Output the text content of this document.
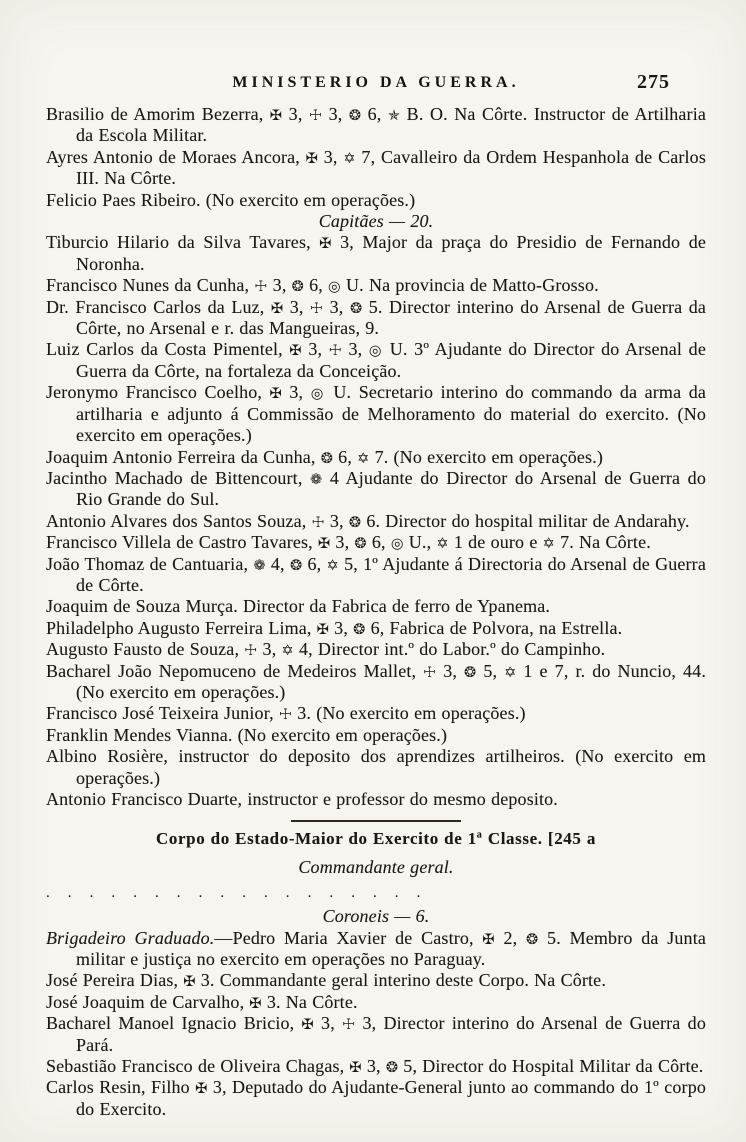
MINISTERIO DA GUERRA.	275

Brasilio de Amorim Bezerra, ✠ 3, ☩ 3, ❂ 6, ✯ B. O. Na Côrte. Instructor de Artilharia da Escola Militar.

Ayres Antonio de Moraes Ancora, ✠ 3, ✡ 7, Cavalleiro da Ordem Hespanhola de Carlos III. Na Côrte.

Felicio Paes Ribeiro. (No exercito em operações.)

Capitães — 20.

Tiburcio Hilario da Silva Tavares, ✠ 3, Major da praça do Presidio de Fernando de Noronha.

Francisco Nunes da Cunha, ☩ 3, ❂ 6, ◎ U. Na provincia de Matto-Grosso.

Dr. Francisco Carlos da Luz, ✠ 3, ☩ 3, ❂ 5. Director interino do Arsenal de Guerra da Côrte, no Arsenal e r. das Mangueiras, 9.

Luiz Carlos da Costa Pimentel, ✠ 3, ☩ 3, ◎ U. 3º Ajudante do Director do Arsenal de Guerra da Côrte, na fortaleza da Conceição.

Jeronymo Francisco Coelho, ✠ 3, ◎ U. Secretario interino do commando da arma da artilharia e adjunto á Commissão de Melhoramento do material do exercito. (No exercito em operações.)

Joaquim Antonio Ferreira da Cunha, ❂ 6, ✡ 7. (No exercito em operações.)

Jacintho Machado de Bittencourt, ❁ 4 Ajudante do Director do Arsenal de Guerra do Rio Grande do Sul.

Antonio Alvares dos Santos Souza, ☩ 3, ❂ 6. Director do hospital militar de Andarahy.

Francisco Villela de Castro Tavares, ✠ 3, ❂ 6, ◎ U., ✡ 1 de ouro e ✡ 7. Na Côrte.

João Thomaz de Cantuaria, ❁ 4, ❂ 6, ✡ 5, 1º Ajudante á Directoria do Arsenal de Guerra de Côrte.

Joaquim de Souza Murça. Director da Fabrica de ferro de Ypanema.

Philadelpho Augusto Ferreira Lima, ✠ 3, ❂ 6, Fabrica de Polvora, na Estrella.

Augusto Fausto de Souza, ☩ 3, ✡ 4, Director int.º do Labor.º do Campinho.

Bacharel João Nepomuceno de Medeiros Mallet, ☩ 3, ❂ 5, ✡ 1 e 7, r. do Nuncio, 44. (No exercito em operações.)

Francisco José Teixeira Junior, ☩ 3. (No exercito em operações.)

Franklin Mendes Vianna. (No exercito em operações.)

Albino Rosière, instructor do deposito dos aprendizes artilheiros. (No exercito em operações.)

Antonio Francisco Duarte, instructor e professor do mesmo deposito.

Corpo do Estado-Maior do Exercito de 1ª Classe. [245 a

Commandante geral.

. . . . . . . . . . . . . . . . . .

Coroneis — 6.

Brigadeiro Graduado.—Pedro Maria Xavier de Castro, ✠ 2, ❂ 5. Membro da Junta militar e justiça no exercito em operações no Paraguay.

José Pereira Dias, ✠ 3. Commandante geral interino deste Corpo. Na Côrte.

José Joaquim de Carvalho, ✠ 3. Na Côrte.

Bacharel Manoel Ignacio Bricio, ✠ 3, ☩ 3, Director interino do Arsenal de Guerra do Pará.

Sebastião Francisco de Oliveira Chagas, ✠ 3, ❂ 5, Director do Hospital Militar da Côrte.

Carlos Resin, Filho ✠ 3, Deputado do Ajudante-General junto ao commando do 1º corpo do Exercito.
